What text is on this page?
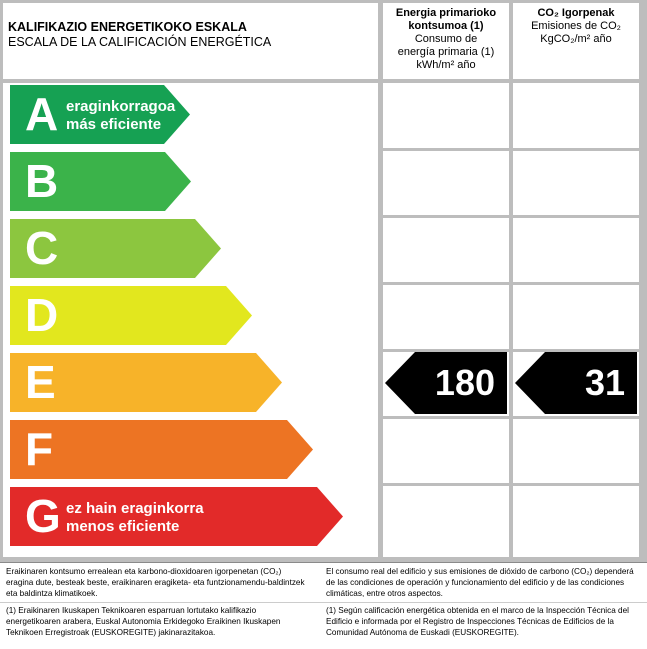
KALIFIKAZIO ENERGETIKOKO ESKALA
ESCALA DE LA CALIFICACIÓN ENERGÉTICA
Energia primarioko
kontsumoa (1)
Consumo de
energía primaria (1)
kWh/m² año
CO₂ Igorpenak
Emisiones de CO₂
KgCO₂/m² año
180	31
A eraginkorragoa
más eficiente
B
C
D
E
F
G ez hain eraginkorra
menos eficiente
Eraikinaren kontsumo errealean eta karbono-dioxidoaren igorpenetan (CO₂) eragina dute, besteak beste, eraikinaren eragiketa- eta funtzionamendu-baldintzek eta baldintza klimatikoek.
El consumo real del edificio y sus emisiones de dióxido de carbono (CO₂) dependerá de las condiciones de operación y funcionamiento del edificio y de las condiciones climáticas, entre otros aspectos.
(1) Eraikinaren Ikuskapen Teknikoaren esparruan lortutako kalifikazio energetikoaren arabera, Euskal Autonomia Erkidegoko Eraikinen Ikuskapen Teknikoen Erregistroak (EUSKOREGITE) jakinarazitakoa.
(1) Según calificación energética obtenida en el marco de la Inspección Técnica del Edificio e informada por el Registro de Inspecciones Técnicas de Edificios de la Comunidad Autónoma de Euskadi (EUSKOREGITE).
